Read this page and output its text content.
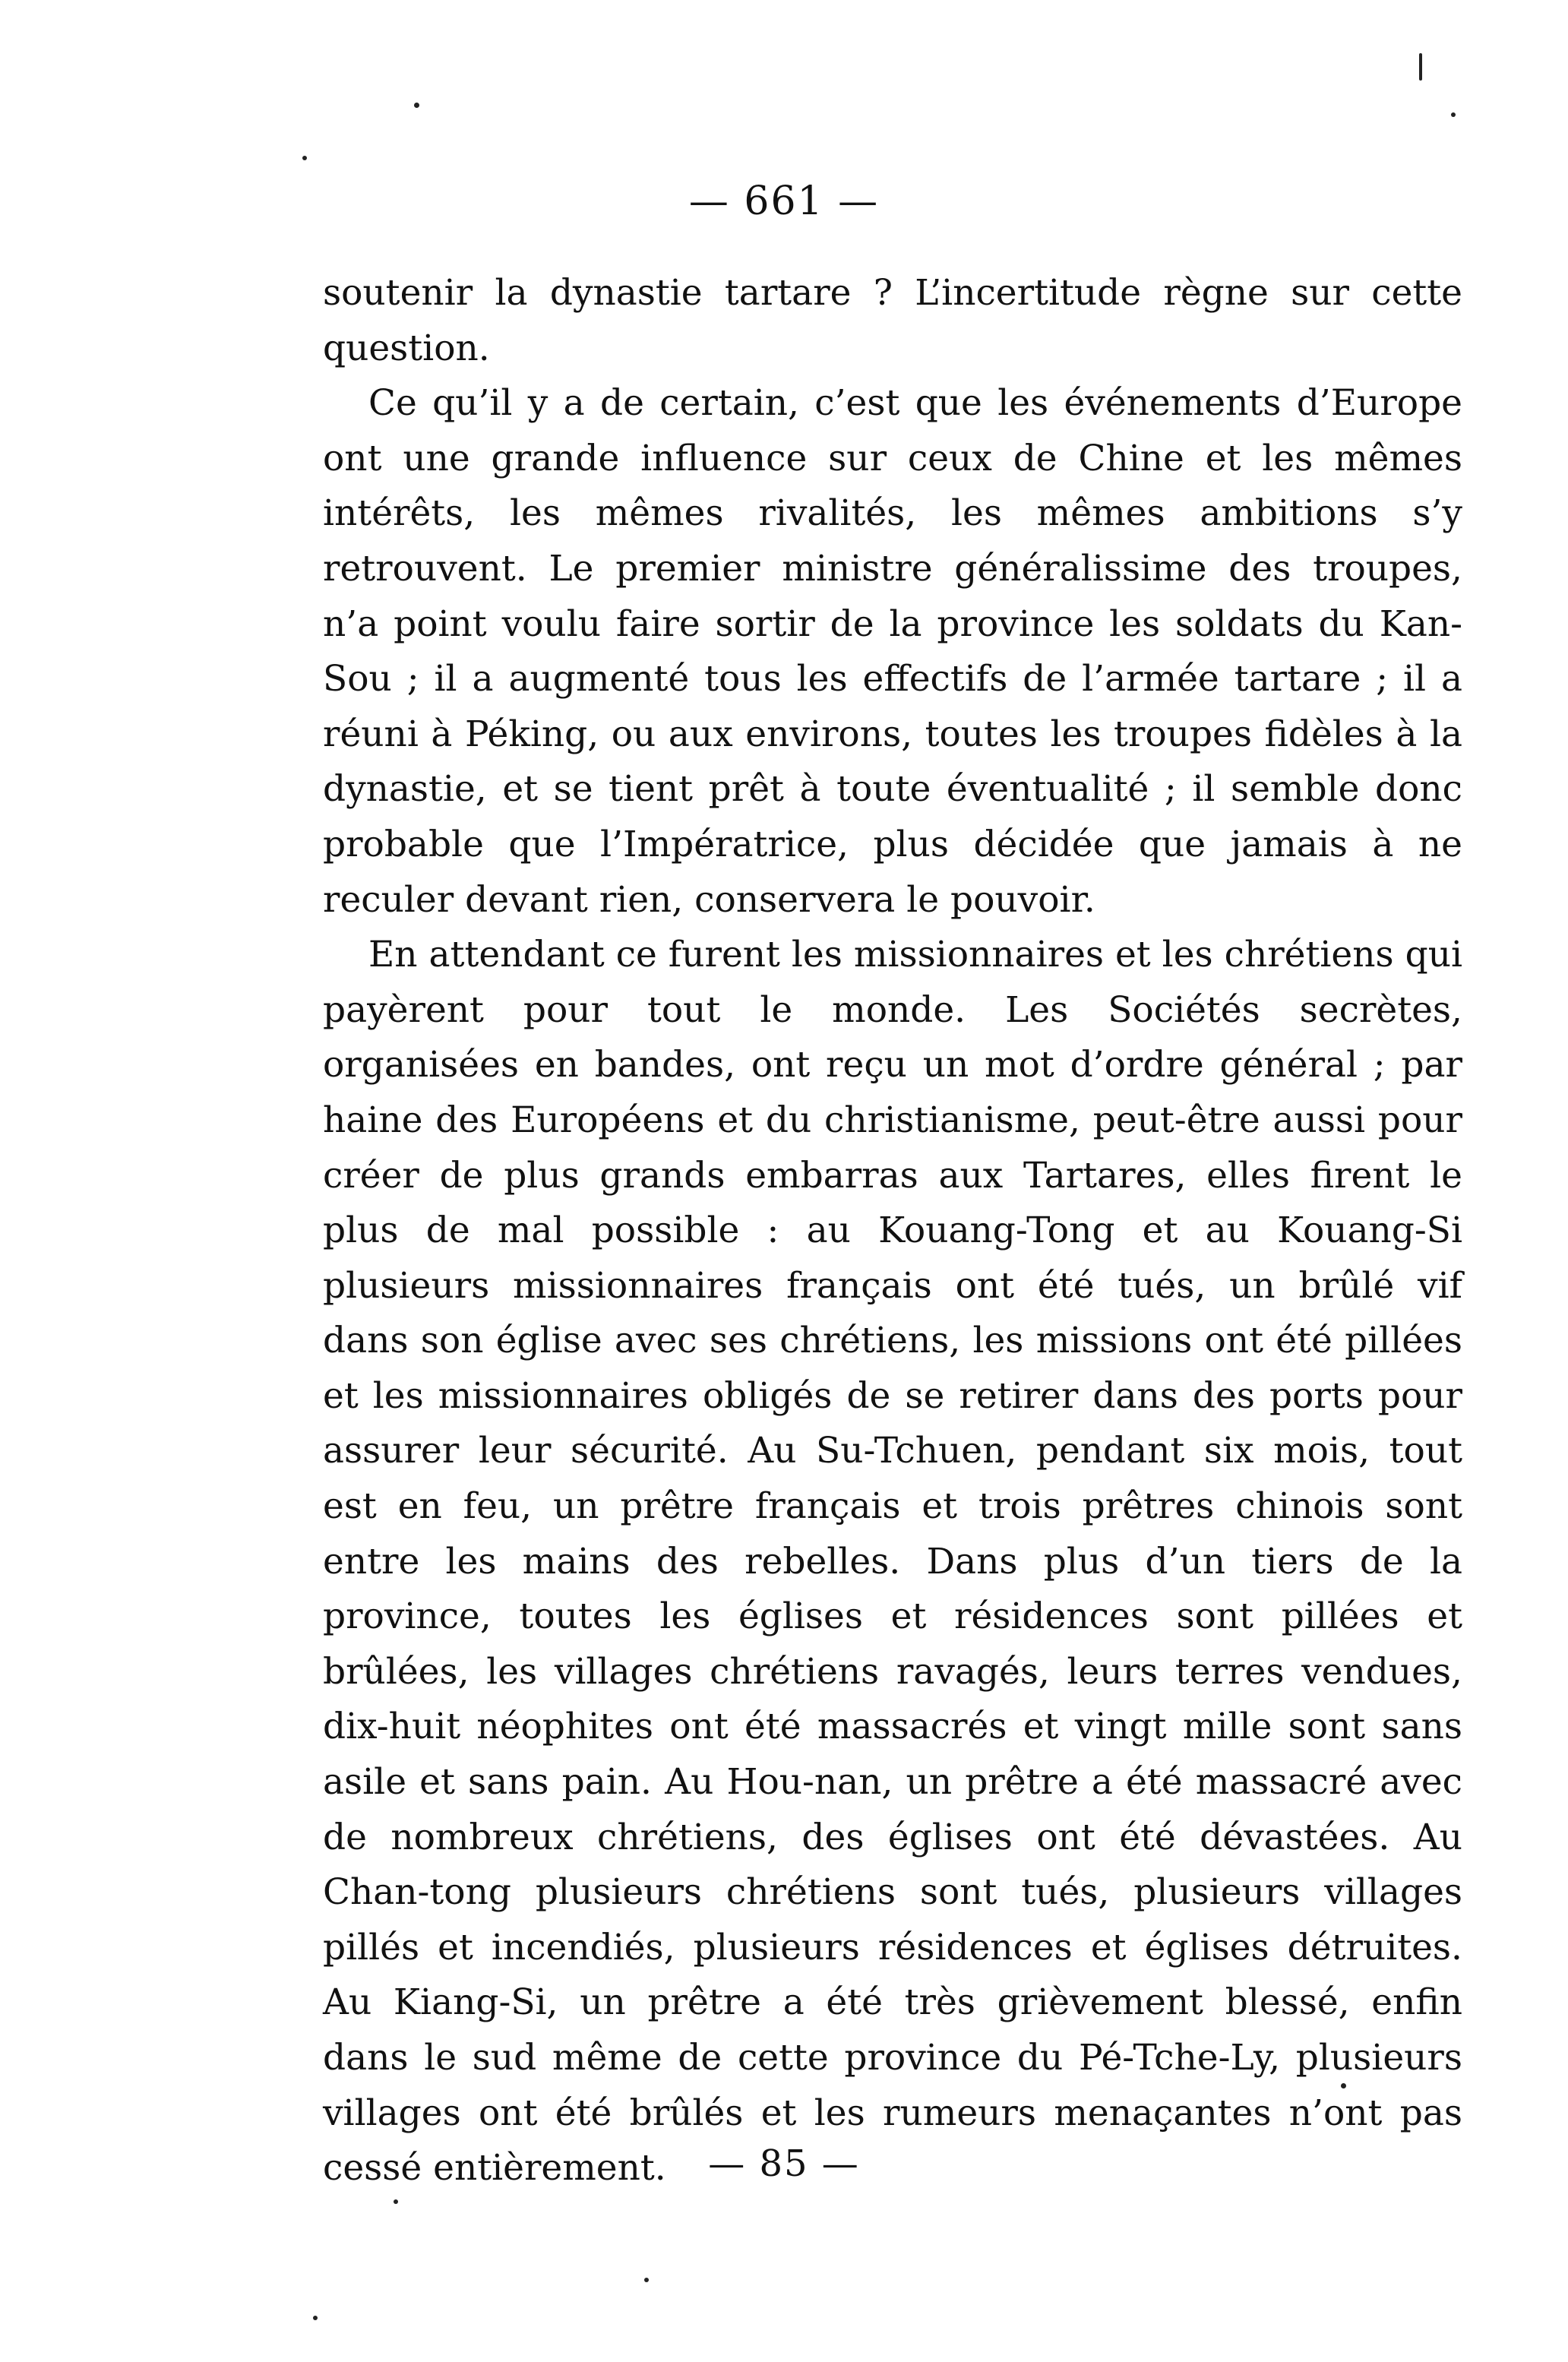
— 661 —

soutenir la dynastie tartare ? L’incertitude règne sur cette question.

Ce qu’il y a de certain, c’est que les événements d’Europe ont une grande influence sur ceux de Chine et les mêmes intérêts, les mêmes rivalités, les mêmes ambitions s’y retrouvent. Le premier ministre généralissime des troupes, n’a point voulu faire sortir de la province les soldats du Kan-Sou ; il a augmenté tous les effectifs de l’armée tartare ; il a réuni à Péking, ou aux environs, toutes les troupes fidèles à la dynastie, et se tient prêt à toute éventualité ; il semble donc probable que l’Impératrice, plus décidée que jamais à ne reculer devant rien, conservera le pouvoir.

En attendant ce furent les missionnaires et les chrétiens qui payèrent pour tout le monde. Les Sociétés secrètes, organisées en bandes, ont reçu un mot d’ordre général ; par haine des Européens et du christianisme, peut-être aussi pour créer de plus grands embarras aux Tartares, elles firent le plus de mal possible : au Kouang-Tong et au Kouang-Si plusieurs missionnaires français ont été tués, un brûlé vif dans son église avec ses chrétiens, les missions ont été pillées et les missionnaires obligés de se retirer dans des ports pour assurer leur sécurité. Au Su-Tchuen, pendant six mois, tout est en feu, un prêtre français et trois prêtres chinois sont entre les mains des rebelles. Dans plus d’un tiers de la province, toutes les églises et résidences sont pillées et brûlées, les villages chrétiens ravagés, leurs terres vendues, dix-huit néophites ont été massacrés et vingt mille sont sans asile et sans pain. Au Hou-nan, un prêtre a été massacré avec de nombreux chrétiens, des églises ont été dévastées. Au Chan-tong plusieurs chrétiens sont tués, plusieurs villages pillés et incendiés, plusieurs résidences et églises détruites. Au Kiang-Si, un prêtre a été très grièvement blessé, enfin dans le sud même de cette province du Pé-Tche-Ly, plusieurs villages ont été brûlés et les rumeurs menaçantes n’ont pas cessé entièrement.	— 85 —
